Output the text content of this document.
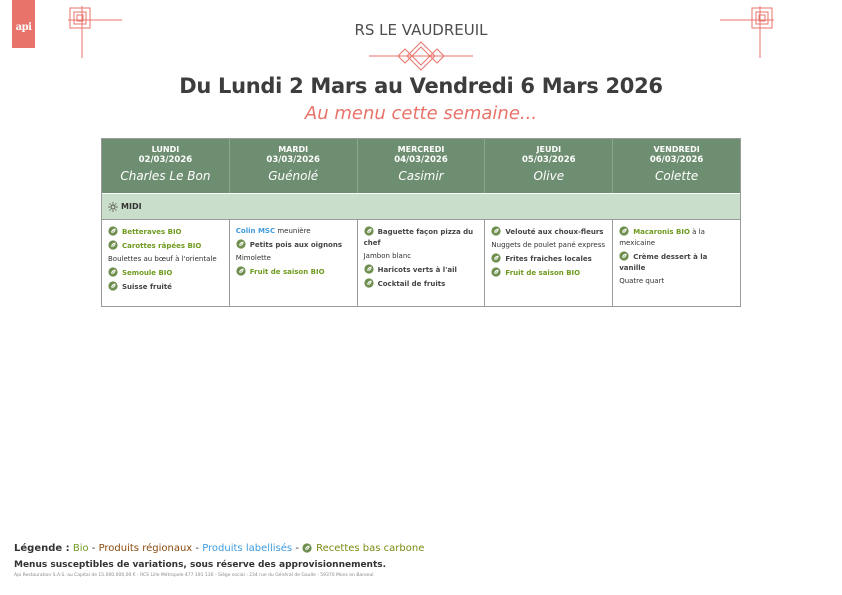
api	RS LE VAUDREUIL
Du Lundi 2 Mars au Vendredi 6 Mars 2026
Au menu cette semaine...
LUNDI
02/03/2026
Charles Le Bon
MARDI
03/03/2026
Guénolé
MERCREDI
04/03/2026
Casimir
JEUDI
05/03/2026
Olive
VENDREDI
06/03/2026
Colette
MIDI
Betteraves BIO
Carottes râpées BIO
Boulettes au bœuf à l'orientale
Semoule BIO
Suisse fruité
Colin MSC meunière
Petits pois aux oignons
Mimolette
Fruit de saison BIO
Baguette façon pizza du chef
Jambon blanc
Haricots verts à l'ail
Cocktail de fruits
Velouté aux choux-fleurs
Nuggets de poulet pané express
Frites fraiches locales
Fruit de saison BIO
Macaronis BIO à la mexicaine
Crème dessert à la vanille
Quatre quart
Légende : Bio - Produits régionaux - Produits labellisés - Recettes bas carbone
Menus susceptibles de variations, sous réserve des approvisionnements.
Api Restauration S.A.S. au Capital de 15.000.000,00 € - RCS Lille Métropole 477 191 130 - Siège social : 234 rue du Général de Gaulle - 59370 Mons en Baroeul
